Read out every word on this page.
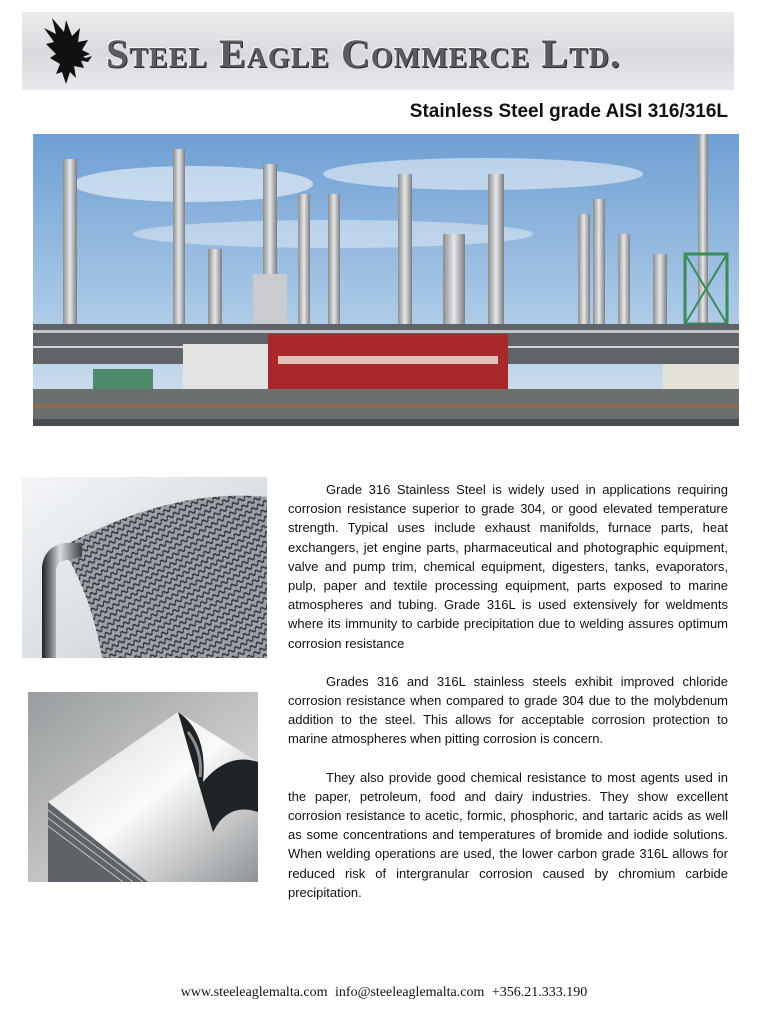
Steel Eagle Commerce Ltd.
Stainless Steel grade AISI 316/316L

Grade 316 Stainless Steel is widely used in applications requiring corrosion resistance superior to grade 304, or good elevated temperature strength. Typical uses include exhaust manifolds, furnace parts, heat exchangers, jet engine parts, pharmaceutical and photographic equipment, valve and pump trim, chemical equipment, digesters, tanks, evaporators, pulp, paper and textile processing equipment, parts exposed to marine atmospheres and tubing. Grade 316L is used extensively for weldments where its immunity to carbide precipitation due to welding assures optimum corrosion resistance

Grades 316 and 316L stainless steels exhibit improved chloride corrosion resistance when compared to grade 304 due to the molybdenum addition to the steel. This allows for acceptable corrosion protection to marine atmospheres when pitting corrosion is concern.

They also provide good chemical resistance to most agents used in the paper, petroleum, food and dairy industries. They show excellent corrosion resistance to acetic, formic, phosphoric, and tartaric acids as well as some concentrations and temperatures of bromide and iodide solutions. When welding operations are used, the lower carbon grade 316L allows for reduced risk of intergranular corrosion caused by chromium carbide precipitation.

www.steeleaglemalta.com info@steeleaglemalta.com +356.21.333.190
